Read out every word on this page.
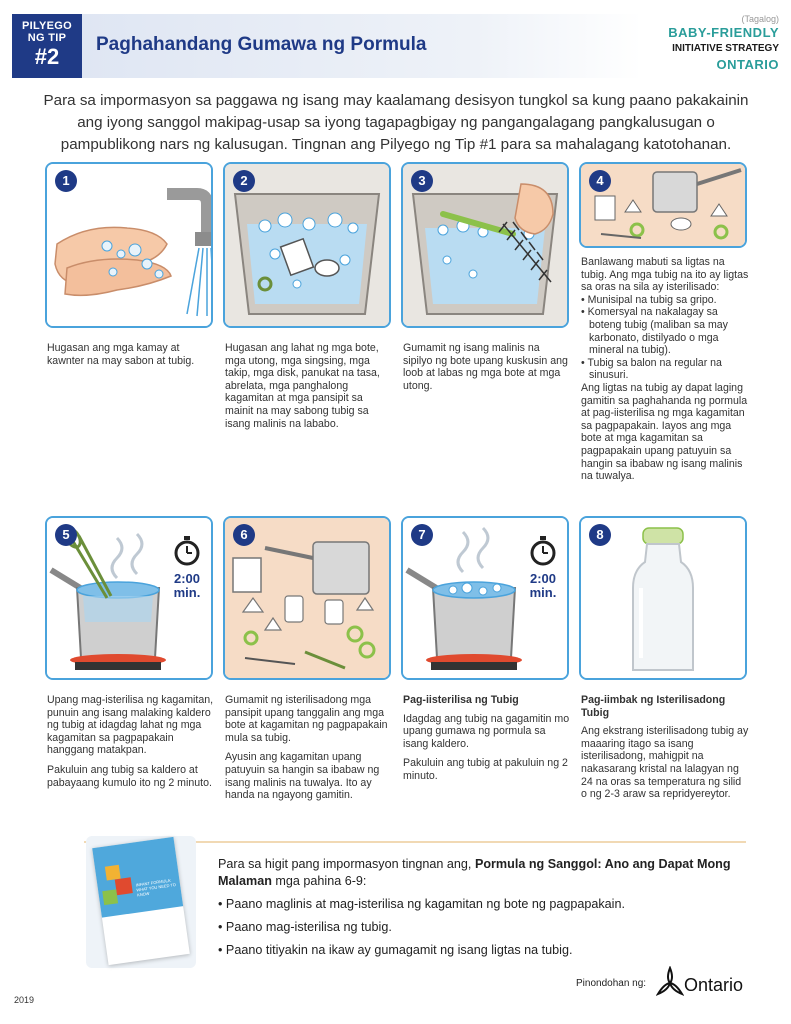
PILYEGO
NG TIP
#2	Paghahandang Gumawa ng Pormula
(Tagalog)
BABY-FRIENDLY
INITIATIVE STRATEGY
ONTARIO
Para sa impormasyon sa paggawa ng isang may kaalamang desisyon tungkol sa kung paano pakakainin ang iyong sanggol makipag-usap sa iyong tagapagbigay ng pangangalagang pangkalusugan o pampublikong nars ng kalusugan. Tingnan ang Pilyego ng Tip #1 para sa mahalagang katotohanan.
1

Hugasan ang mga kamay at kawnter na may sabon at tubig.

2

Hugasan ang lahat ng mga bote, mga utong, mga singsing, mga takip, mga disk, panukat na tasa, abrelata, mga panghalong kagamitan at mga pansipit sa mainit na may sabong tubig sa isang malinis na lababo.

3

Gumamit ng isang malinis na sipilyo ng bote upang kuskusin ang loob at labas ng mga bote at mga utong.

4

Banlawang mabuti sa ligtas na tubig. Ang mga tubig na ito ay ligtas sa oras na sila ay isterilisado:

• Munisipal na tubig sa gripo.
• Komersyal na nakalagay sa boteng tubig (maliban sa may karbonato, distilyado o mga mineral na tubig).
• Tubig sa balon na regular na sinusuri.

Ang ligtas na tubig ay dapat laging gamitin sa paghahanda ng pormula at pag-iisterilisa ng mga kagamitan sa pagpapakain. Iayos ang mga bote at mga kagamitan sa pagpapakain upang patuyuin sa hangin sa ibabaw ng isang malinis na tuwalya.

5
2:00
min.

Upang mag-isterilisa ng kagamitan, punuin ang isang malaking kaldero ng tubig at idagdag lahat ng mga kagamitan sa pagpapakain hanggang matakpan.

Pakuluin ang tubig sa kaldero at pabayaang kumulo ito ng 2 minuto.

6

Gumamit ng isterilisadong mga pansipit upang tanggalin ang mga bote at kagamitan ng pagpapakain mula sa tubig.

Ayusin ang kagamitan upang patuyuin sa hangin sa ibabaw ng isang malinis na tuwalya. Ito ay handa na ngayong gamitin.

7
2:00
min.

Pag-iisterilisa ng Tubig

Idagdag ang tubig na gagamitin mo upang gumawa ng pormula sa isang kaldero.

Pakuluin ang tubig at pakuluin ng 2 minuto.

8

Pag-iimbak ng Isterilisadong Tubig

Ang ekstrang isterilisadong tubig ay maaaring itago sa isang isterilisadong, mahigpit na nakasarang kristal na lalagyan ng 24 na oras sa temperatura ng silid o ng 2-3 araw sa repridyereytor.

INFANT FORMULA: WHAT YOU NEED TO KNOW
Para sa higit pang impormasyon tingnan ang, Pormula ng Sanggol: Ano ang Dapat Mong Malaman mga pahina 6-9:
• Paano maglinis at mag-isterilisa ng kagamitan ng bote ng pagpapakain.
• Paano mag-isterilisa ng tubig.
• Paano titiyakin na ikaw ay gumagamit ng isang ligtas na tubig.
Pinondohan ng: Ontario
2019
